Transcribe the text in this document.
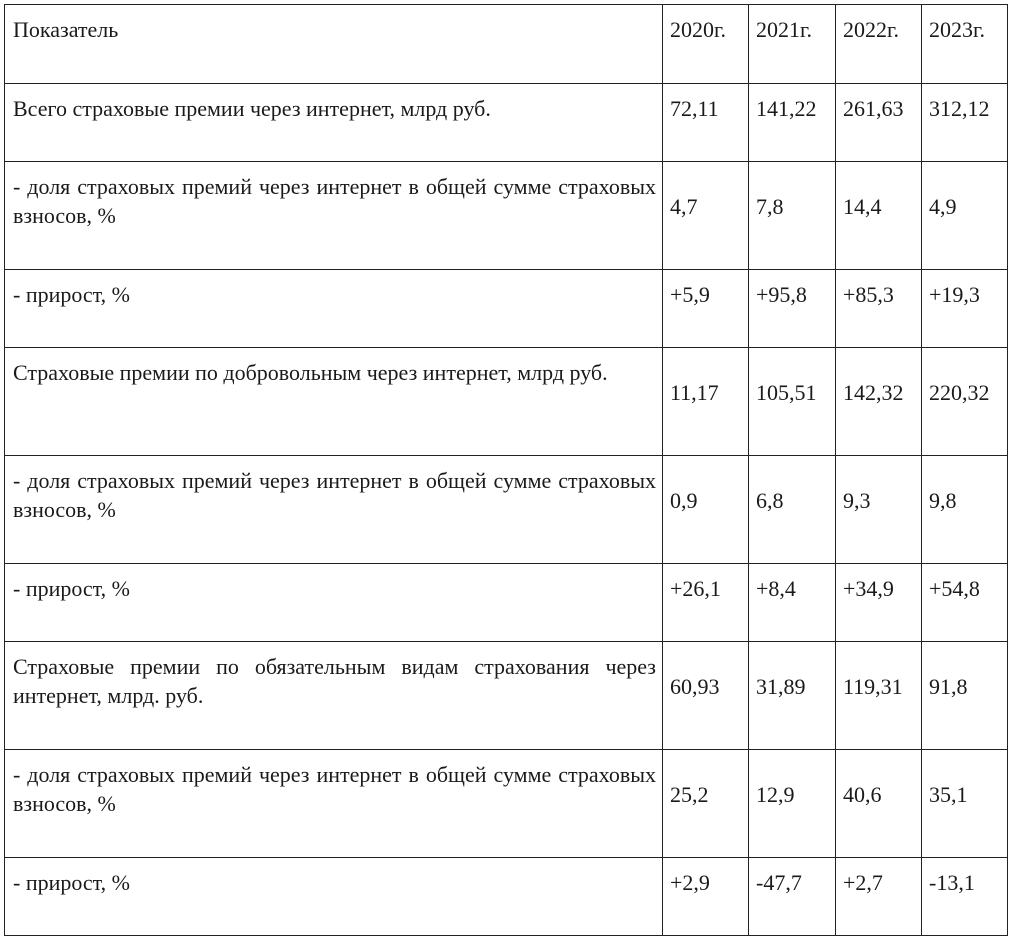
Показатель	2020г.	2021г.	2022г.	2023г.
Всего страховые премии через интернет, млрд руб.	72,11	141,22	261,63	312,12
- доля страховых премий через интернет в общей сумме страховых взносов, %	4,7	7,8	14,4	4,9
- прирост, %	+5,9	+95,8	+85,3	+19,3
Страховые премии по добровольным через интернет, млрд руб.	11,17	105,51	142,32	220,32
- доля страховых премий через интернет в общей сумме страховых взносов, %	0,9	6,8	9,3	9,8
- прирост, %	+26,1	+8,4	+34,9	+54,8
Страховые премии по обязательным видам страхования через интернет, млрд. руб.	60,93	31,89	119,31	91,8
- доля страховых премий через интернет в общей сумме страховых взносов, %	25,2	12,9	40,6	35,1
- прирост, %	+2,9	-47,7	+2,7	-13,1
